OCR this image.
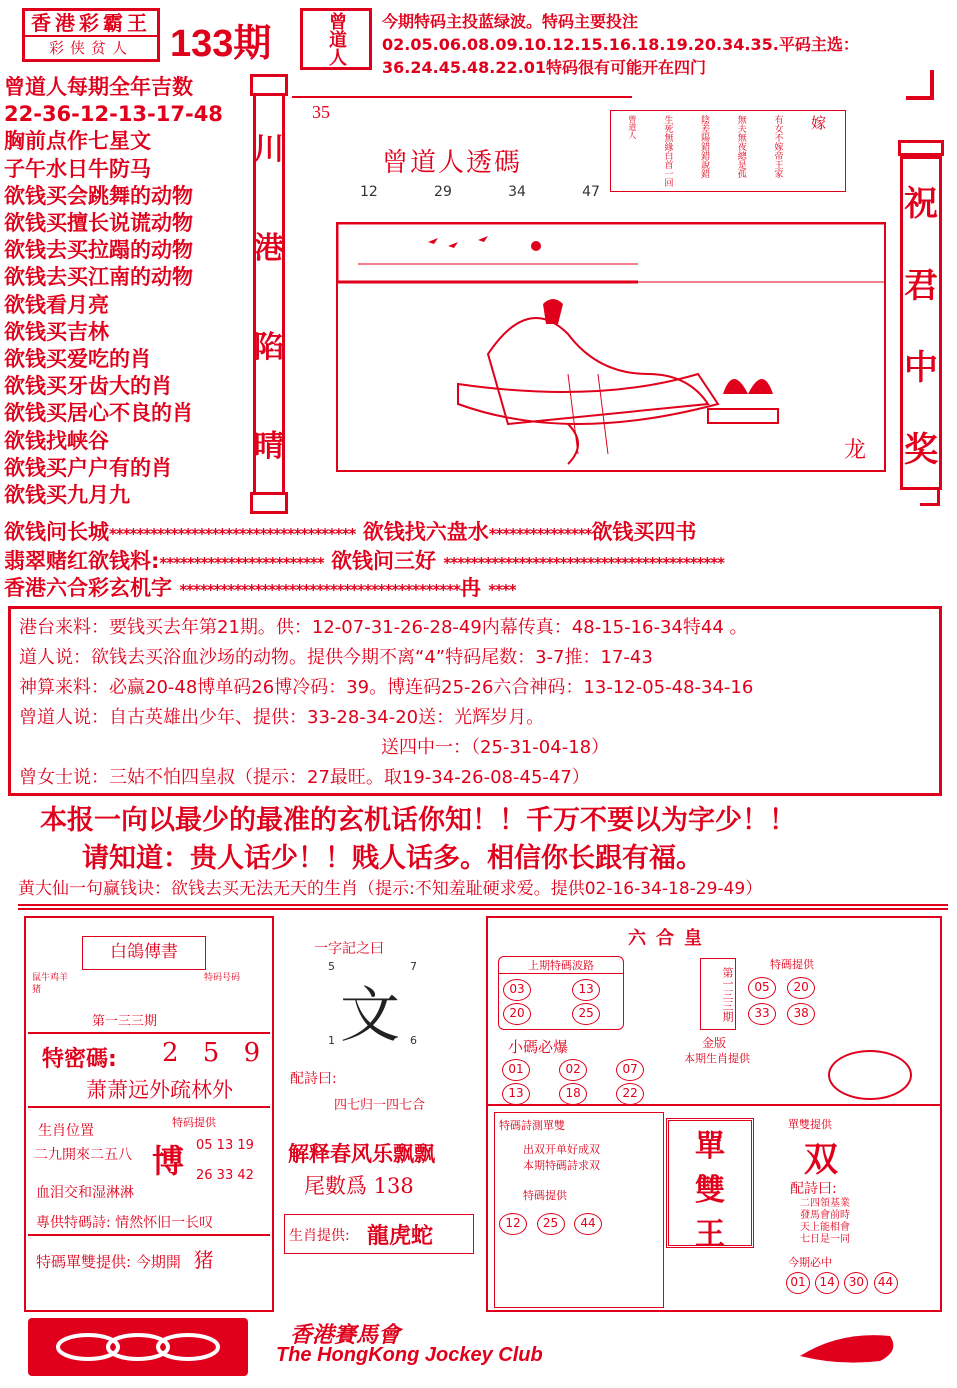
香港彩霸王
彩侠贫人 133期	曾道人 今期特码主投蓝绿波。特码主要投注02.05.06.08.09.10.12.15.16.18.19.20.34.35.平码主选：36.24.45.48.22.01特码很有可能开在四门
曾道人每期全年吉数
22-36-12-13-17-48
胸前点作七星文
子午水日牛防马
欲钱买会跳舞的动物
欲钱买擅长说谎动物
欲钱去买拉蹋的动物
欲钱去买江南的动物
欲钱看月亮
欲钱买吉林
欲钱买爱吃的肖
欲钱买牙齿大的肖
欲钱买居心不良的肖
欲钱找峡谷
欲钱买户户有的肖
欲钱买九月九
川
港
陷
晴
35
曾道人透碼
12	29	34	47
嫁
有女不嫁帝王家
無夫無夜總是孤
陰差陽錯錯說錯
生死無緣白首一回
曾道人
龙
祝
君
中
奖
欲钱问长城************************************ 欲钱找六盘水***************欲钱买四书
翡翠赌红欲钱料:************************ 欲钱问三好 *****************************************
香港六合彩玄机字 *****************************************冉 ****
港台来料：要钱买去年第21期。供：12-07-31-26-28-49内幕传真：48-15-16-34特44 。
道人说：欲钱去买浴血沙场的动物。提供今期不离“4”特码尾数：3-7推：17-43
神算来料：必赢20-48博单码26博冷码：39。博连码25-26六合神码：13-12-05-48-34-16
曾道人说：自古英雄出少年、提供：33-28-34-20送：光辉岁月。
送四中一：（25-31-04-18）
曾女士说：三姑不怕四皇叔（提示：27最旺。取19-34-26-08-45-47）
本报一向以最少的最准的玄机话你知！！千万不要以为字少！！
请知道：贵人话少！！贱人话多。相信你长跟有福。
黄大仙一句赢钱诀：欲钱去买无法无天的生肖（提示:不知羞耻硬求爱。提供02-16-34-18-29-49）
白鴿傳書
鼠牛鸡羊猪
特码号码
第一三三期
特密碼: 2 5 9
萧萧远外疏林外
生肖位置
二九開來二五八
特码提供
博 05 13 19
26 33 42
血泪交和湿淋淋
專供特碼詩: 情然怀旧一长叹
特碼單雙提供: 今期開 猪
一字記之曰
5	7
文
1	6
配詩曰:
四七归一四七合
解释春风乐飘飘
尾數爲 138
生肖提供: 龍虎蛇
六合皇
上期特碼波路
03	13
20	25	第一三三期
金版
特碼提供
05 20
33 38
小碼必爆
01	02	07
13	18	22
本期生肖提供
特碼詩測單雙
出双开单好成双
本期特碼詩求双
特碼提供
12 25 44
單
雙
王
單雙提供
双
配詩曰:
二四領基業
發馬會前時
天上能相會
七日是一同
今期必中
01 14 30 44
香港賽馬會
The HongKong Jockey Club
